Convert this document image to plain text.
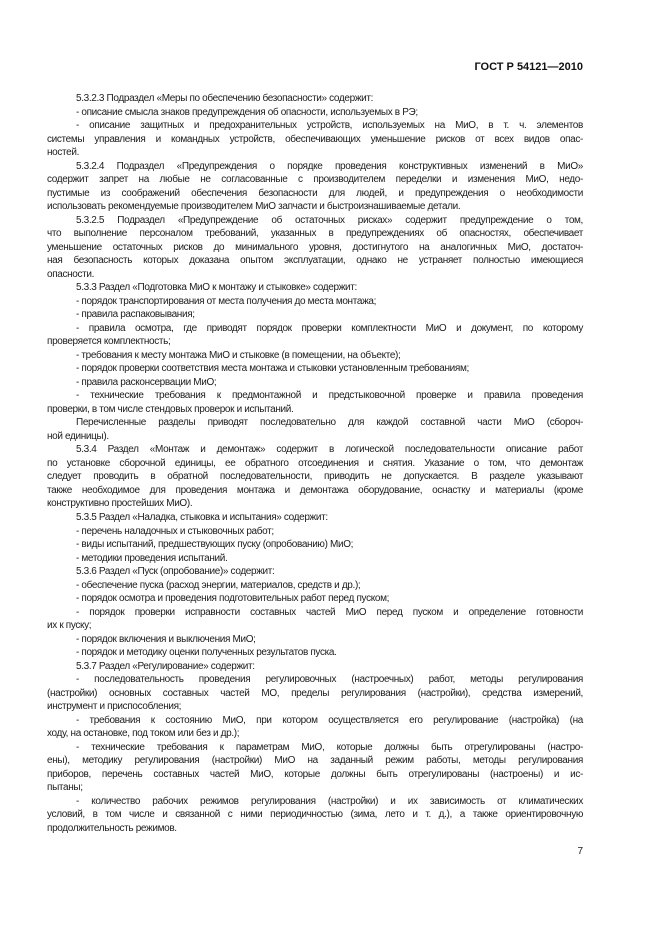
ГОСТ Р 54121—2010
5.3.2.3 Подраздел «Меры по обеспечению безопасности» содержит:
- описание смысла знаков предупреждения об опасности, используемых в РЭ;
- описание защитных и предохранительных устройств, используемых на МиО, в т. ч. элементов
системы управления и командных устройств, обеспечивающих уменьшение рисков от всех видов опас-
ностей.
5.3.2.4 Подраздел «Предупреждения о порядке проведения конструктивных изменений в МиО»
содержит запрет на любые не согласованные с производителем переделки и изменения МиО, недо-
пустимые из соображений обеспечения безопасности для людей, и предупреждения о необходимости
использовать рекомендуемые производителем МиО запчасти и быстроизнашиваемые детали.
5.3.2.5 Подраздел «Предупреждение об остаточных рисках» содержит предупреждение о том,
что выполнение персоналом требований, указанных в предупреждениях об опасностях, обеспечивает
уменьшение остаточных рисков до минимального уровня, достигнутого на аналогичных МиО, достаточ-
ная безопасность которых доказана опытом эксплуатации, однако не устраняет полностью имеющиеся
опасности.
5.3.3 Раздел «Подготовка МиО к монтажу и стыковке» содержит:
- порядок транспортирования от места получения до места монтажа;
- правила распаковывания;
- правила осмотра, где приводят порядок проверки комплектности МиО и документ, по которому
проверяется комплектность;
- требования к месту монтажа МиО и стыковке (в помещении, на объекте);
- порядок проверки соответствия места монтажа и стыковки установленным требованиям;
- правила расконсервации МиО;
- технические требования к предмонтажной и предстыковочной проверке и правила проведения
проверки, в том числе стендовых проверок и испытаний.
Перечисленные разделы приводят последовательно для каждой составной части МиО (сбороч-
ной единицы).
5.3.4 Раздел «Монтаж и демонтаж» содержит в логической последовательности описание работ
по установке сборочной единицы, ее обратного отсоединения и снятия. Указание о том, что демонтаж
следует проводить в обратной последовательности, приводить не допускается. В разделе указывают
также необходимое для проведения монтажа и демонтажа оборудование, оснастку и материалы (кроме
конструктивно простейших МиО).
5.3.5 Раздел «Наладка, стыковка и испытания» содержит:
- перечень наладочных и стыковочных работ;
- виды испытаний, предшествующих пуску (опробованию) МиО;
- методики проведения испытаний.
5.3.6 Раздел «Пуск (опробование)» содержит:
- обеспечение пуска (расход энергии, материалов, средств и др.);
- порядок осмотра и проведения подготовительных работ перед пуском;
- порядок проверки исправности составных частей МиО перед пуском и определение готовности
их к пуску;
- порядок включения и выключения МиО;
- порядок и методику оценки полученных результатов пуска.
5.3.7 Раздел «Регулирование» содержит:
- последовательность проведения регулировочных (настроечных) работ, методы регулирования
(настройки) основных составных частей МО, пределы регулирования (настройки), средства измерений,
инструмент и приспособления;
- требования к состоянию МиО, при котором осуществляется его регулирование (настройка) (на
ходу, на остановке, под током или без и др.);
- технические требования к параметрам МиО, которые должны быть отрегулированы (настро-
ены), методику регулирования (настройки) МиО на заданный режим работы, методы регулирования
приборов, перечень составных частей МиО, которые должны быть отрегулированы (настроены) и ис-
пытаны;
- количество рабочих режимов регулирования (настройки) и их зависимость от климатических
условий, в том числе и связанной с ними периодичностью (зима, лето и т. д.), а также ориентировочную
продолжительность режимов.
7
